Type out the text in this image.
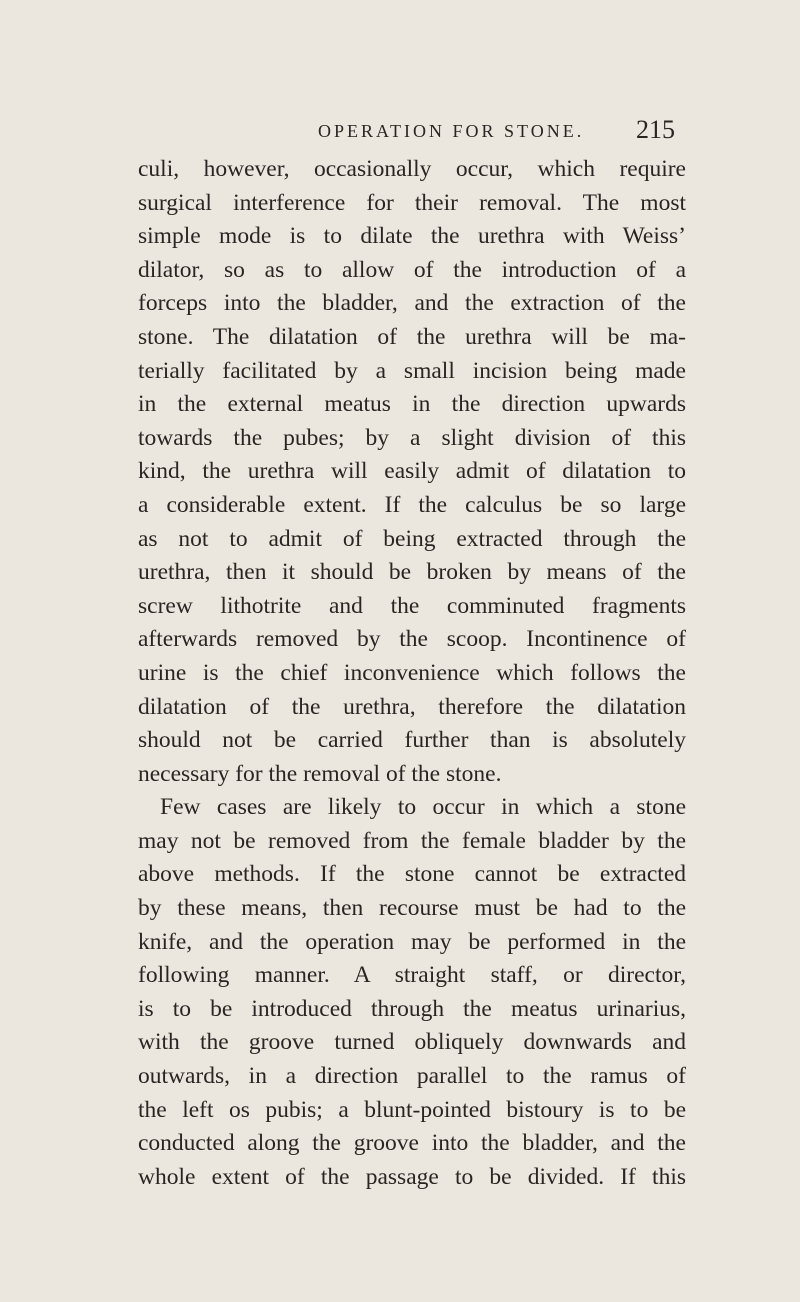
OPERATION FOR STONE. 215
culi, however, occasionally occur, which require
surgical interference for their removal. The most
simple mode is to dilate the urethra with Weiss’
dilator, so as to allow of the introduction of a
forceps into the bladder, and the extraction of the
stone. The dilatation of the urethra will be ma-
terially facilitated by a small incision being made
in the external meatus in the direction upwards
towards the pubes; by a slight division of this
kind, the urethra will easily admit of dilatation to
a considerable extent. If the calculus be so large
as not to admit of being extracted through the
urethra, then it should be broken by means of the
screw lithotrite and the comminuted fragments
afterwards removed by the scoop. Incontinence of
urine is the chief inconvenience which follows the
dilatation of the urethra, therefore the dilatation
should not be carried further than is absolutely
necessary for the removal of the stone.
Few cases are likely to occur in which a stone
may not be removed from the female bladder by the
above methods. If the stone cannot be extracted
by these means, then recourse must be had to the
knife, and the operation may be performed in the
following manner. A straight staff, or director,
is to be introduced through the meatus urinarius,
with the groove turned obliquely downwards and
outwards, in a direction parallel to the ramus of
the left os pubis; a blunt-pointed bistoury is to be
conducted along the groove into the bladder, and the
whole extent of the passage to be divided. If this
